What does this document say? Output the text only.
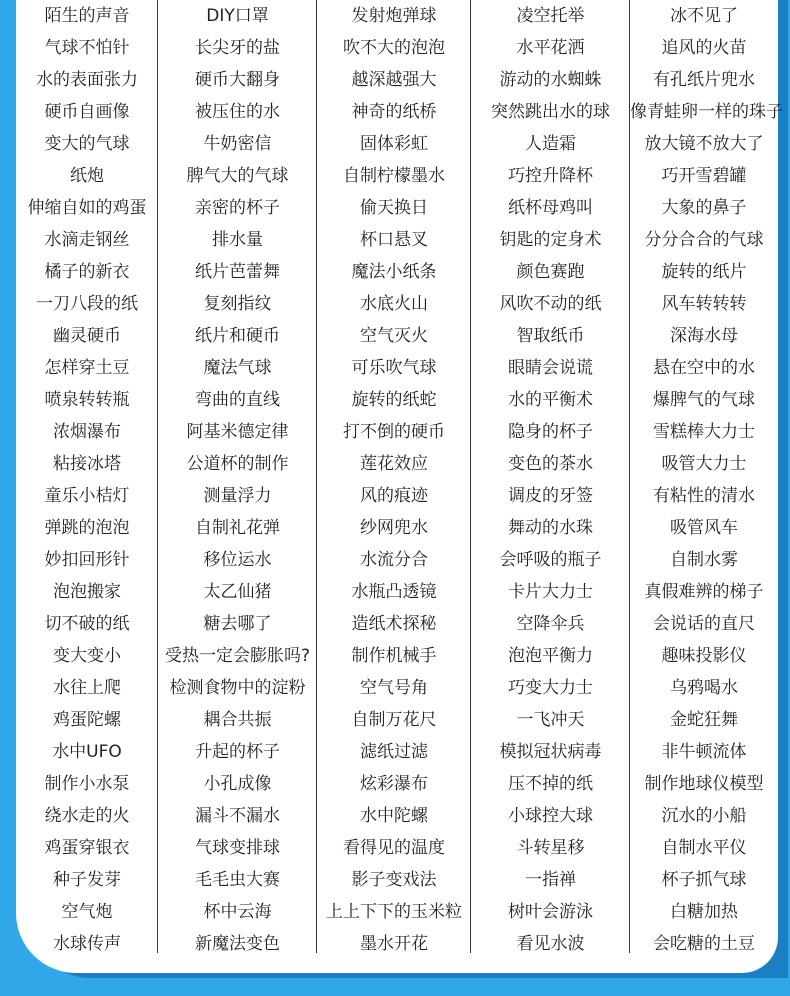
陌生的声音
气球不怕针
水的表面张力
硬币自画像
变大的气球
纸炮
伸缩自如的鸡蛋
水滴走钢丝
橘子的新衣
一刀八段的纸
幽灵硬币
怎样穿土豆
喷泉转转瓶
浓烟瀑布
粘接冰塔
童乐小桔灯
弹跳的泡泡
妙扣回形针
泡泡搬家
切不破的纸
变大变小
水往上爬
鸡蛋陀螺
水中UFO
制作小水泵
绕水走的火
鸡蛋穿银衣
种子发芽
空气炮
水球传声
DIY口罩
长尖牙的盐
硬币大翻身
被压住的水
牛奶密信
脾气大的气球
亲密的杯子
排水量
纸片芭蕾舞
复刻指纹
纸片和硬币
魔法气球
弯曲的直线
阿基米德定律
公道杯的制作
测量浮力
自制礼花弹
移位运水
太乙仙猪
糖去哪了
受热一定会膨胀吗?
检测食物中的淀粉
耦合共振
升起的杯子
小孔成像
漏斗不漏水
气球变排球
毛毛虫大赛
杯中云海
新魔法变色
发射炮弹球
吹不大的泡泡
越深越强大
神奇的纸桥
固体彩虹
自制柠檬墨水
偷天换日
杯口悬叉
魔法小纸条
水底火山
空气灭火
可乐吹气球
旋转的纸蛇
打不倒的硬币
莲花效应
风的痕迹
纱网兜水
水流分合
水瓶凸透镜
造纸术探秘
制作机械手
空气号角
自制万花尺
滤纸过滤
炫彩瀑布
水中陀螺
看得见的温度
影子变戏法
上上下下的玉米粒
墨水开花
凌空托举
水平花洒
游动的水蜘蛛
突然跳出水的球
人造霜
巧控升降杯
纸杯母鸡叫
钥匙的定身术
颜色赛跑
风吹不动的纸
智取纸币
眼睛会说谎
水的平衡术
隐身的杯子
变色的茶水
调皮的牙签
舞动的水珠
会呼吸的瓶子
卡片大力士
空降伞兵
泡泡平衡力
巧变大力士
一飞冲天
模拟冠状病毒
压不掉的纸
小球控大球
斗转星移
一指禅
树叶会游泳
看见水波
冰不见了
追风的火苗
有孔纸片兜水
像青蛙卵一样的珠子
放大镜不放大了
巧开雪碧罐
大象的鼻子
分分合合的气球
旋转的纸片
风车转转转
深海水母
悬在空中的水
爆脾气的气球
雪糕棒大力士
吸管大力士
有粘性的清水
吸管风车
自制水雾
真假难辨的梯子
会说话的直尺
趣味投影仪
乌鸦喝水
金蛇狂舞
非牛顿流体
制作地球仪模型
沉水的小船
自制水平仪
杯子抓气球
白糖加热
会吃糖的土豆
